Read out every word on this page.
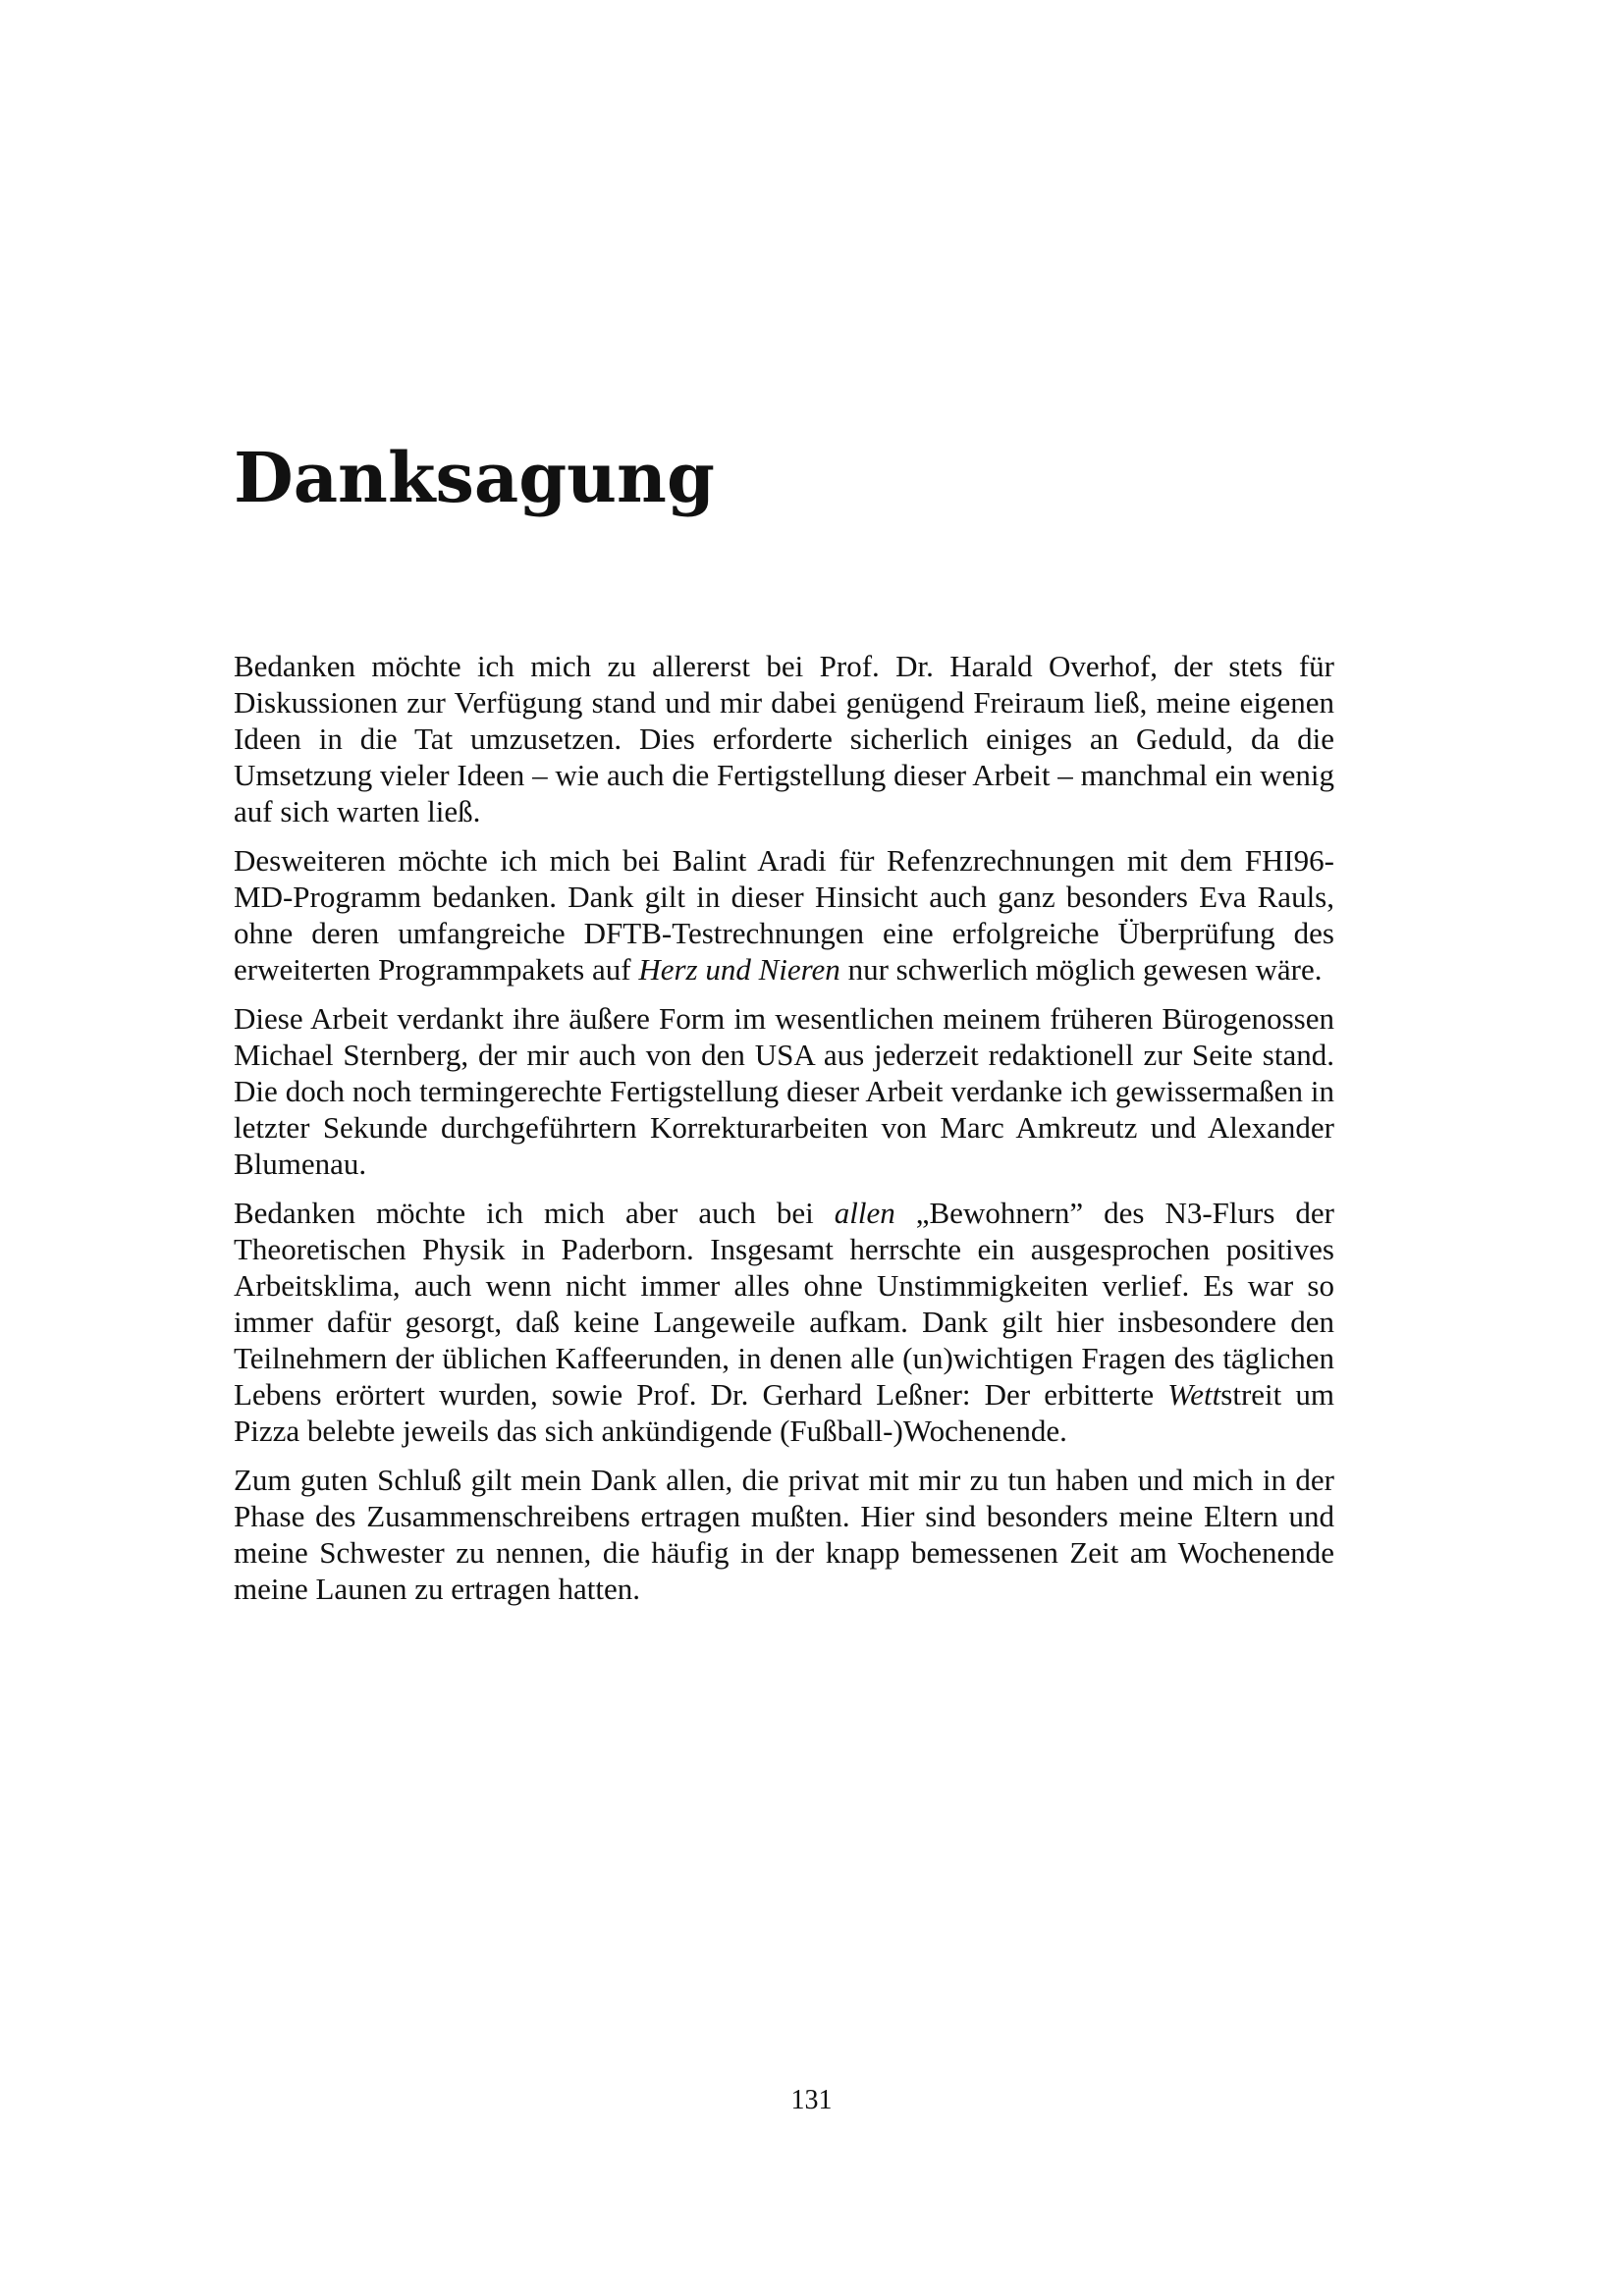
Danksagung

Bedanken möchte ich mich zu allererst bei Prof. Dr. Harald Overhof, der stets für Diskussionen zur Verfügung stand und mir dabei genügend Freiraum ließ, meine eigenen Ideen in die Tat umzusetzen. Dies erforderte sicherlich einiges an Geduld, da die Umsetzung vieler Ideen – wie auch die Fertigstellung dieser Arbeit – manchmal ein wenig auf sich warten ließ.

Desweiteren möchte ich mich bei Balint Aradi für Refenzrechnungen mit dem FHI96-MD-Programm bedanken. Dank gilt in dieser Hinsicht auch ganz besonders Eva Rauls, ohne deren umfangreiche DFTB-Testrechnungen eine erfolgreiche Überprüfung des erweiterten Programmpakets auf Herz und Nieren nur schwerlich möglich gewesen wäre.

Diese Arbeit verdankt ihre äußere Form im wesentlichen meinem früheren Bürogenossen Michael Sternberg, der mir auch von den USA aus jederzeit redaktionell zur Seite stand. Die doch noch termingerechte Fertigstellung dieser Arbeit verdanke ich gewissermaßen in letzter Sekunde durchgeführtern Korrekturarbeiten von Marc Amkreutz und Alexander Blumenau.

Bedanken möchte ich mich aber auch bei allen „Bewohnern” des N3-Flurs der Theoretischen Physik in Paderborn. Insgesamt herrschte ein ausgesprochen positives Arbeitsklima, auch wenn nicht immer alles ohne Unstimmigkeiten verlief. Es war so immer dafür gesorgt, daß keine Langeweile aufkam. Dank gilt hier insbesondere den Teilnehmern der üblichen Kaffeerunden, in denen alle (un)wichtigen Fragen des täglichen Lebens erörtert wurden, sowie Prof. Dr. Gerhard Leßner: Der erbitterte Wettstreit um Pizza belebte jeweils das sich ankündigende (Fußball-)Wochenende.

Zum guten Schluß gilt mein Dank allen, die privat mit mir zu tun haben und mich in der Phase des Zusammenschreibens ertragen mußten. Hier sind besonders meine Eltern und meine Schwester zu nennen, die häufig in der knapp bemessenen Zeit am Wochenende meine Launen zu ertragen hatten.

131
